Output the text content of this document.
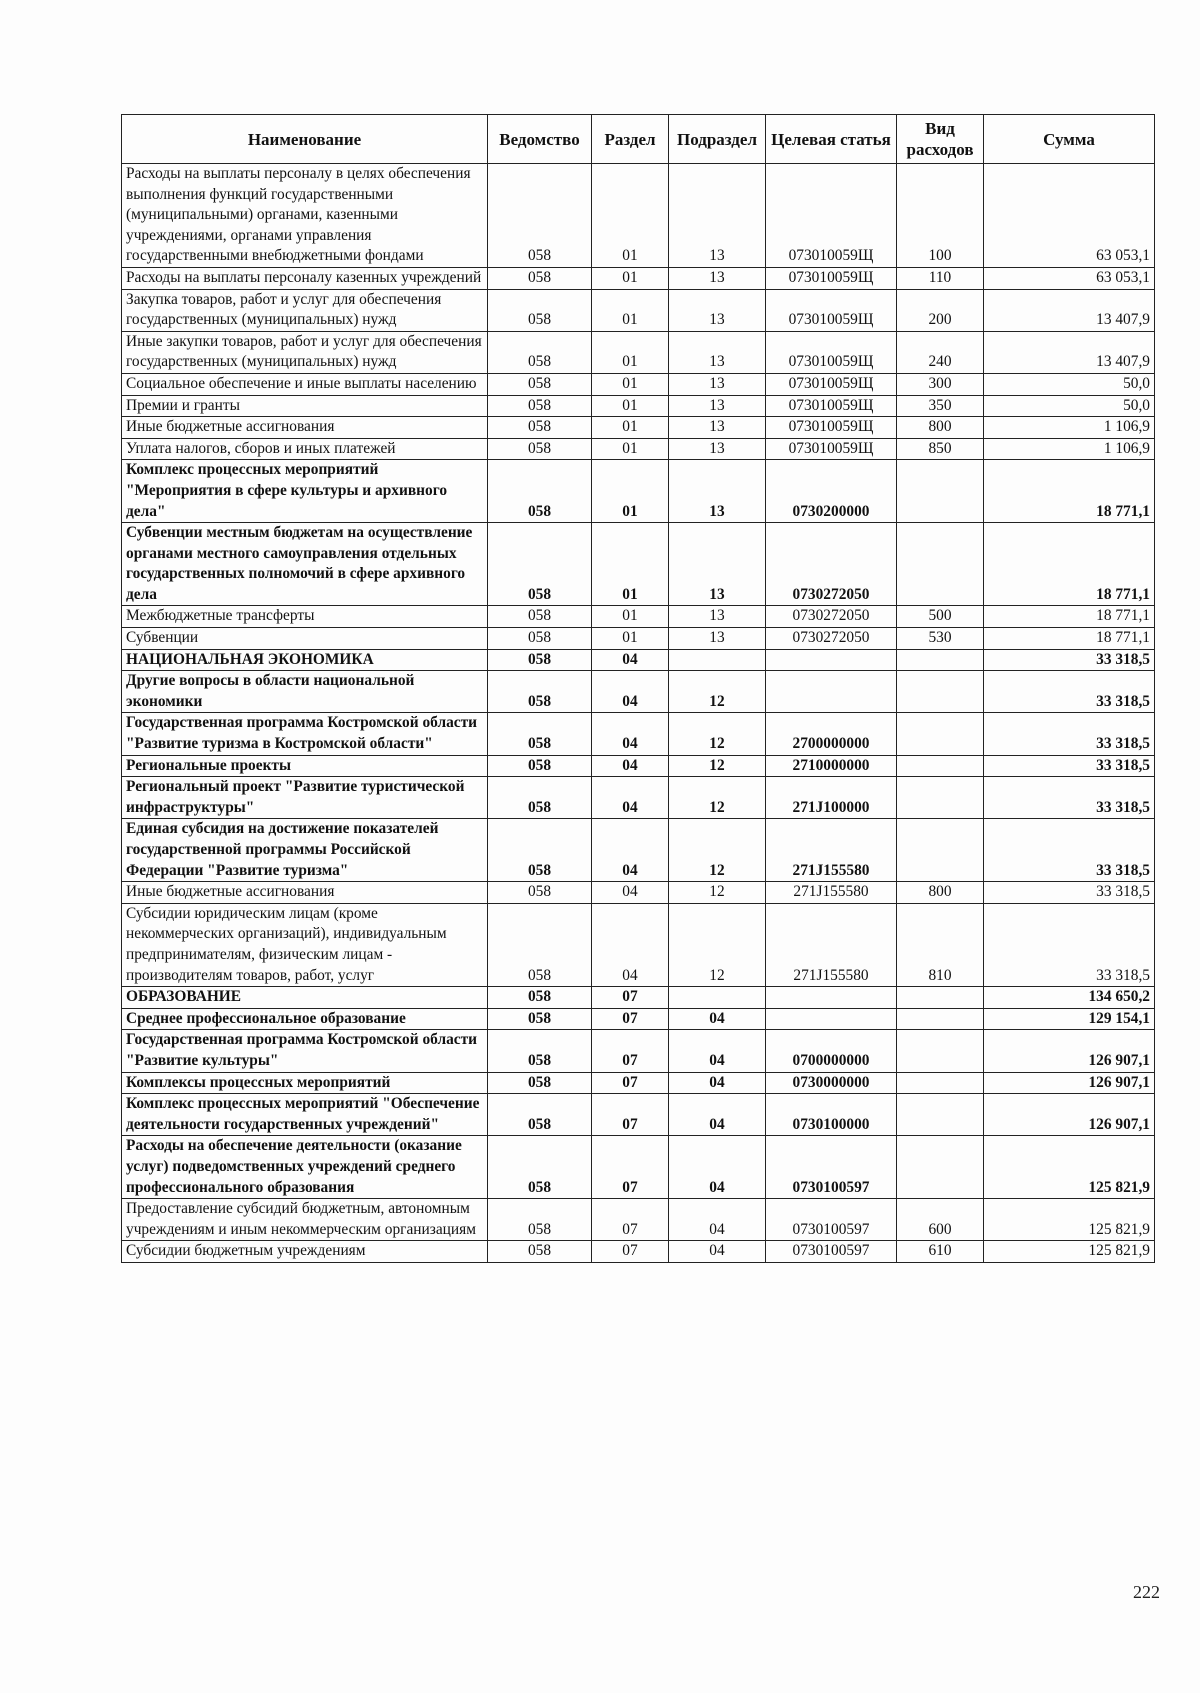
Наименование	Ведомство	Раздел	Подраздел	Целевая статья	Вид расходов	Сумма
Расходы на выплаты персоналу в целях обеспечения выполнения функций государственными (муниципальными) органами, казенными учреждениями, органами управления государственными внебюджетными фондами	058	01	13	073010059Щ	100	63 053,1
Расходы на выплаты персоналу казенных учреждений	058	01	13	073010059Щ	110	63 053,1
Закупка товаров, работ и услуг для обеспечения государственных (муниципальных) нужд	058	01	13	073010059Щ	200	13 407,9
Иные закупки товаров, работ и услуг для обеспечения государственных (муниципальных) нужд	058	01	13	073010059Щ	240	13 407,9
Социальное обеспечение и иные выплаты населению	058	01	13	073010059Щ	300	50,0
Премии и гранты	058	01	13	073010059Щ	350	50,0
Иные бюджетные ассигнования	058	01	13	073010059Щ	800	1 106,9
Уплата налогов, сборов и иных платежей	058	01	13	073010059Щ	850	1 106,9
Комплекс процессных мероприятий "Мероприятия в сфере культуры и архивного дела"	058	01	13	0730200000		18 771,1
Субвенции местным бюджетам на осуществление органами местного самоуправления отдельных государственных полномочий в сфере архивного дела	058	01	13	0730272050		18 771,1
Межбюджетные трансферты	058	01	13	0730272050	500	18 771,1
Субвенции	058	01	13	0730272050	530	18 771,1
НАЦИОНАЛЬНАЯ ЭКОНОМИКА	058	04				33 318,5
Другие вопросы в области национальной экономики	058	04	12			33 318,5
Государственная программа Костромской области "Развитие туризма в Костромской области"	058	04	12	2700000000		33 318,5
Региональные проекты	058	04	12	2710000000		33 318,5
Региональный проект "Развитие туристической инфраструктуры"	058	04	12	271J100000		33 318,5
Единая субсидия на достижение показателей государственной программы Российской Федерации "Развитие туризма"	058	04	12	271J155580		33 318,5
Иные бюджетные ассигнования	058	04	12	271J155580	800	33 318,5
Субсидии юридическим лицам (кроме некоммерческих организаций), индивидуальным предпринимателям, физическим лицам - производителям товаров, работ, услуг	058	04	12	271J155580	810	33 318,5
ОБРАЗОВАНИЕ	058	07				134 650,2
Среднее профессиональное образование	058	07	04			129 154,1
Государственная программа Костромской области "Развитие культуры"	058	07	04	0700000000		126 907,1
Комплексы процессных мероприятий	058	07	04	0730000000		126 907,1
Комплекс процессных мероприятий "Обеспечение деятельности государственных учреждений"	058	07	04	0730100000		126 907,1
Расходы на обеспечение деятельности (оказание услуг) подведомственных учреждений среднего профессионального образования	058	07	04	0730100597		125 821,9
Предоставление субсидий бюджетным, автономным учреждениям и иным некоммерческим организациям	058	07	04	0730100597	600	125 821,9
Субсидии бюджетным учреждениям	058	07	04	0730100597	610	125 821,9
222
